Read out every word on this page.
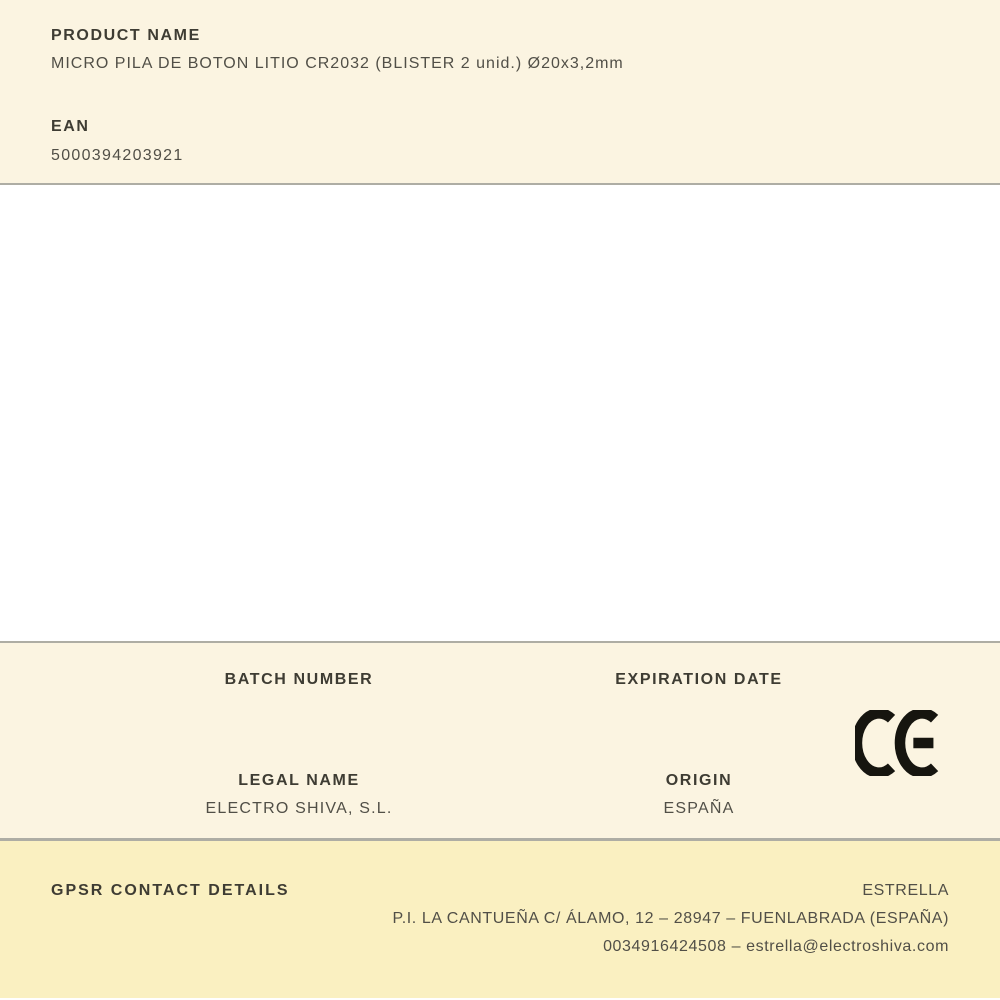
PRODUCT NAME
MICRO PILA DE BOTON LITIO CR2032 (BLISTER 2 unid.) Ø20x3,2mm
EAN
5000394203921
BATCH NUMBER	EXPIRATION DATE
LEGAL NAME
ELECTRO SHIVA, S.L.
ORIGIN
ESPAÑA
GPSR CONTACT DETAILS	ESTRELLA
P.I. LA CANTUEÑA C/ ÁLAMO, 12 – 28947 – FUENLABRADA (ESPAÑA)
0034916424508 – estrella@electroshiva.com
